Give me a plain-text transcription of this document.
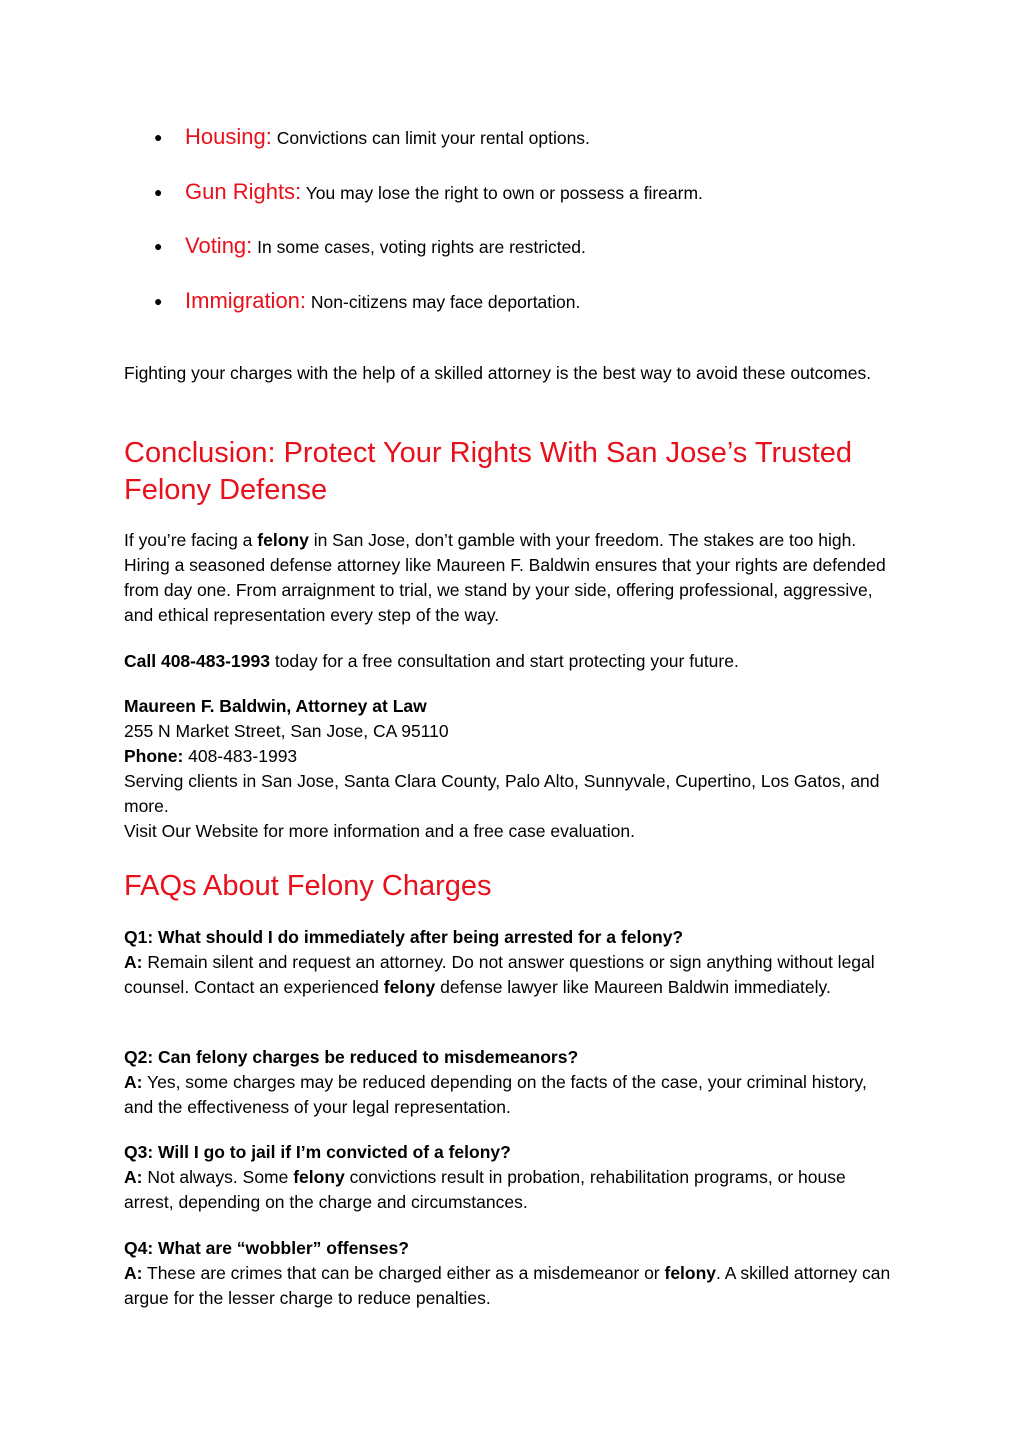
● Housing: Convictions can limit your rental options.
● Gun Rights: You may lose the right to own or possess a firearm.
● Voting: In some cases, voting rights are restricted.
● Immigration: Non-citizens may face deportation.

Fighting your charges with the help of a skilled attorney is the best way to avoid these outcomes.

Conclusion: Protect Your Rights With San Jose’s Trusted
Felony Defense

If you’re facing a felony in San Jose, don’t gamble with your freedom. The stakes are too high. Hiring a seasoned defense attorney like Maureen F. Baldwin ensures that your rights are defended from day one. From arraignment to trial, we stand by your side, offering professional, aggressive, and ethical representation every step of the way.

Call 408-483-1993 today for a free consultation and start protecting your future.

Maureen F. Baldwin, Attorney at Law

255 N Market Street, San Jose, CA 95110

Phone: 408-483-1993

Serving clients in San Jose, Santa Clara County, Palo Alto, Sunnyvale, Cupertino, Los Gatos, and more.

Visit Our Website for more information and a free case evaluation.

FAQs About Felony Charges

Q1: What should I do immediately after being arrested for a felony?

A: Remain silent and request an attorney. Do not answer questions or sign anything without legal counsel. Contact an experienced felony defense lawyer like Maureen Baldwin immediately.

Q2: Can felony charges be reduced to misdemeanors?

A: Yes, some charges may be reduced depending on the facts of the case, your criminal history, and the effectiveness of your legal representation.

Q3: Will I go to jail if I’m convicted of a felony?

A: Not always. Some felony convictions result in probation, rehabilitation programs, or house arrest, depending on the charge and circumstances.

Q4: What are “wobbler” offenses?

A: These are crimes that can be charged either as a misdemeanor or felony. A skilled attorney can argue for the lesser charge to reduce penalties.
